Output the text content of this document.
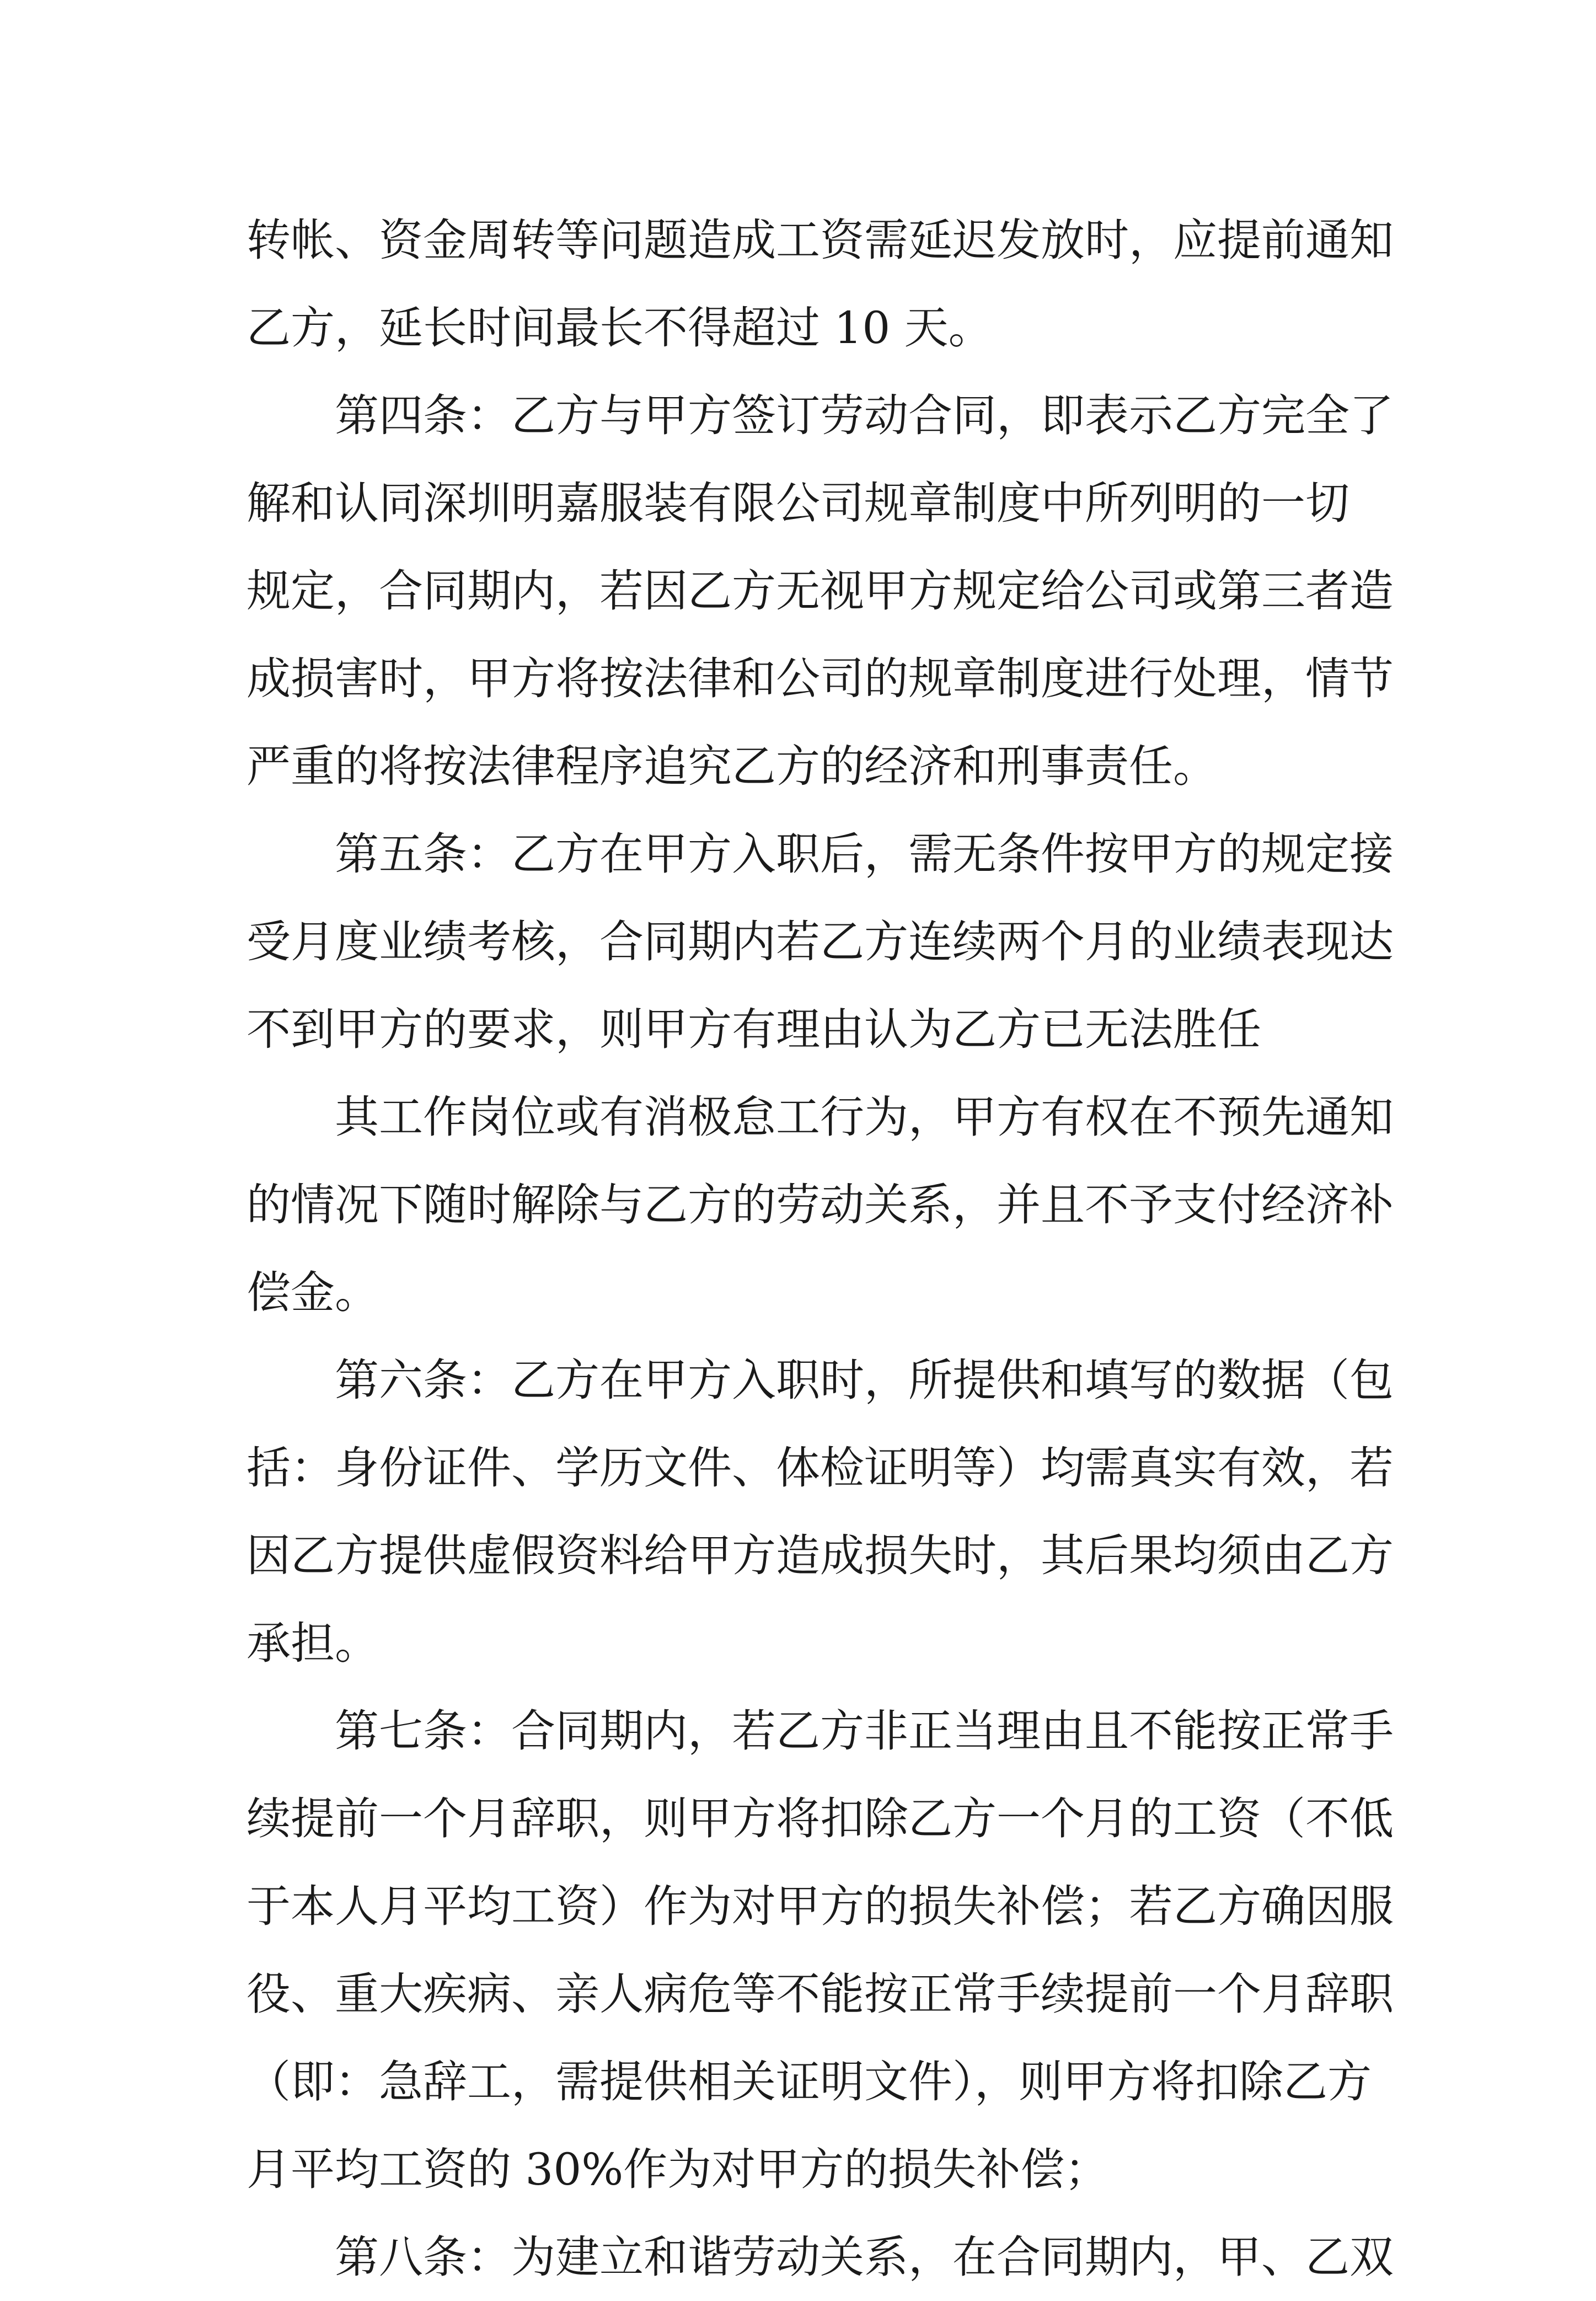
转帐、资金周转等问题造成工资需延迟发放时，应提前通知
乙方，延长时间最长不得超过 10 天。
第四条：乙方与甲方签订劳动合同，即表示乙方完全了
解和认同深圳明嘉服装有限公司规章制度中所列明的一切
规定，合同期内，若因乙方无视甲方规定给公司或第三者造
成损害时，甲方将按法律和公司的规章制度进行处理，情节
严重的将按法律程序追究乙方的经济和刑事责任。
第五条：乙方在甲方入职后，需无条件按甲方的规定接
受月度业绩考核，合同期内若乙方连续两个月的业绩表现达
不到甲方的要求，则甲方有理由认为乙方已无法胜任
其工作岗位或有消极怠工行为，甲方有权在不预先通知
的情况下随时解除与乙方的劳动关系，并且不予支付经济补
偿金。
第六条：乙方在甲方入职时，所提供和填写的数据（包
括：身份证件、学历文件、体检证明等）均需真实有效，若
因乙方提供虚假资料给甲方造成损失时，其后果均须由乙方
承担。
第七条：合同期内，若乙方非正当理由且不能按正常手
续提前一个月辞职，则甲方将扣除乙方一个月的工资（不低
于本人月平均工资）作为对甲方的损失补偿；若乙方确因服
役、重大疾病、亲人病危等不能按正常手续提前一个月辞职
（即：急辞工，需提供相关证明文件），则甲方将扣除乙方
月平均工资的 30%作为对甲方的损失补偿；
第八条：为建立和谐劳动关系，在合同期内，甲、乙双
